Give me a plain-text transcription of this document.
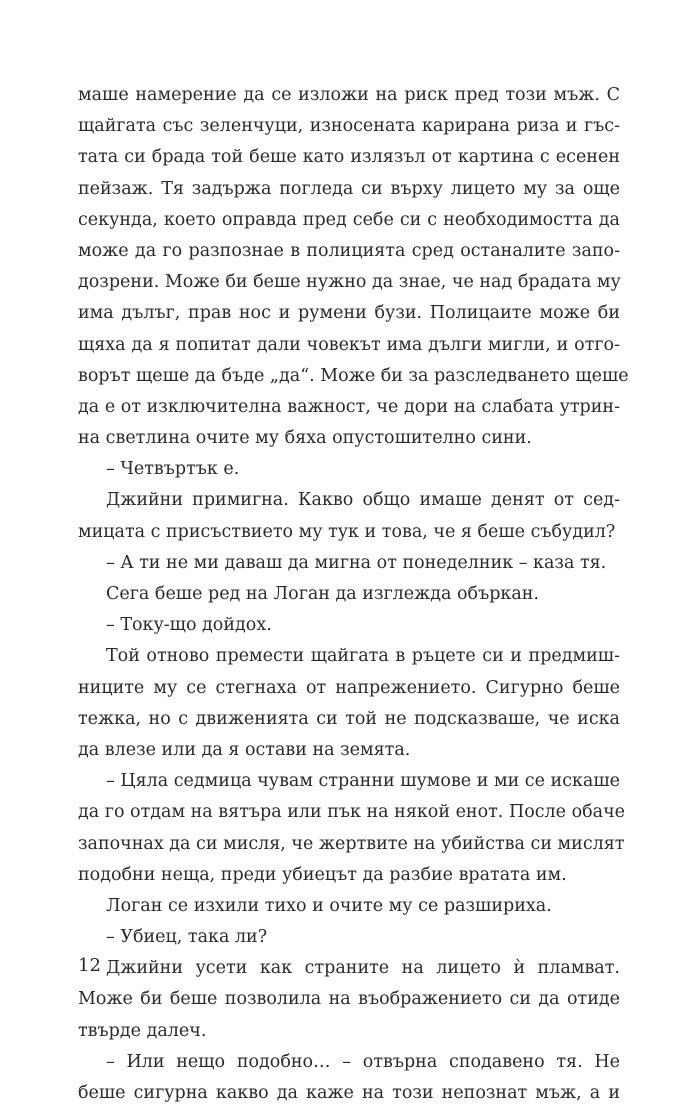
маше намерение да се изложи на риск пред този мъж. С
щайгата със зеленчуци, износената карирана риза и гъс-
тата си брада той беше като излязъл от картина с есенен
пейзаж. Тя задържа погледа си върху лицето му за още
секунда, което оправда пред себе си с необходимостта да
може да го разпознае в полицията сред останалите запо-
дозрени. Може би беше нужно да знае, че над брадата му
има дълъг, прав нос и румени бузи. Полицаите може би
щяха да я попитат дали човекът има дълги мигли, и отго-
ворът щеше да бъде „да“. Може би за разследването щеше
да е от изключителна важност, че дори на слабата утрин-
на светлина очите му бяха опустошително сини.
– Четвъртък е.
Джийни примигна. Какво общо имаше денят от сед-
мицата с присъствието му тук и това, че я беше събудил?
– А ти не ми даваш да мигна от понеделник – каза тя.
Сега беше ред на Логан да изглежда объркан.
– Току-що дойдох.
Той отново премести щайгата в ръцете си и предмиш-
ниците му се стегнаха от напрежението. Сигурно беше
тежка, но с движенията си той не подсказваше, че иска
да влезе или да я остави на земята.
– Цяла седмица чувам странни шумове и ми се искаше
да го отдам на вятъра или пък на някой енот. После обаче
започнах да си мисля, че жертвите на убийства си мислят
подобни неща, преди убиецът да разбие вратата им.
Логан се изхили тихо и очите му се разшириха.
– Убиец, така ли?
Джийни усети как страните на лицето ѝ пламват.
Може би беше позволила на въображението си да отиде
твърде далеч.
– Или нещо подобно… – отвърна сподавено тя. Не
беше сигурна какво да каже на този непознат мъж, а и
12
